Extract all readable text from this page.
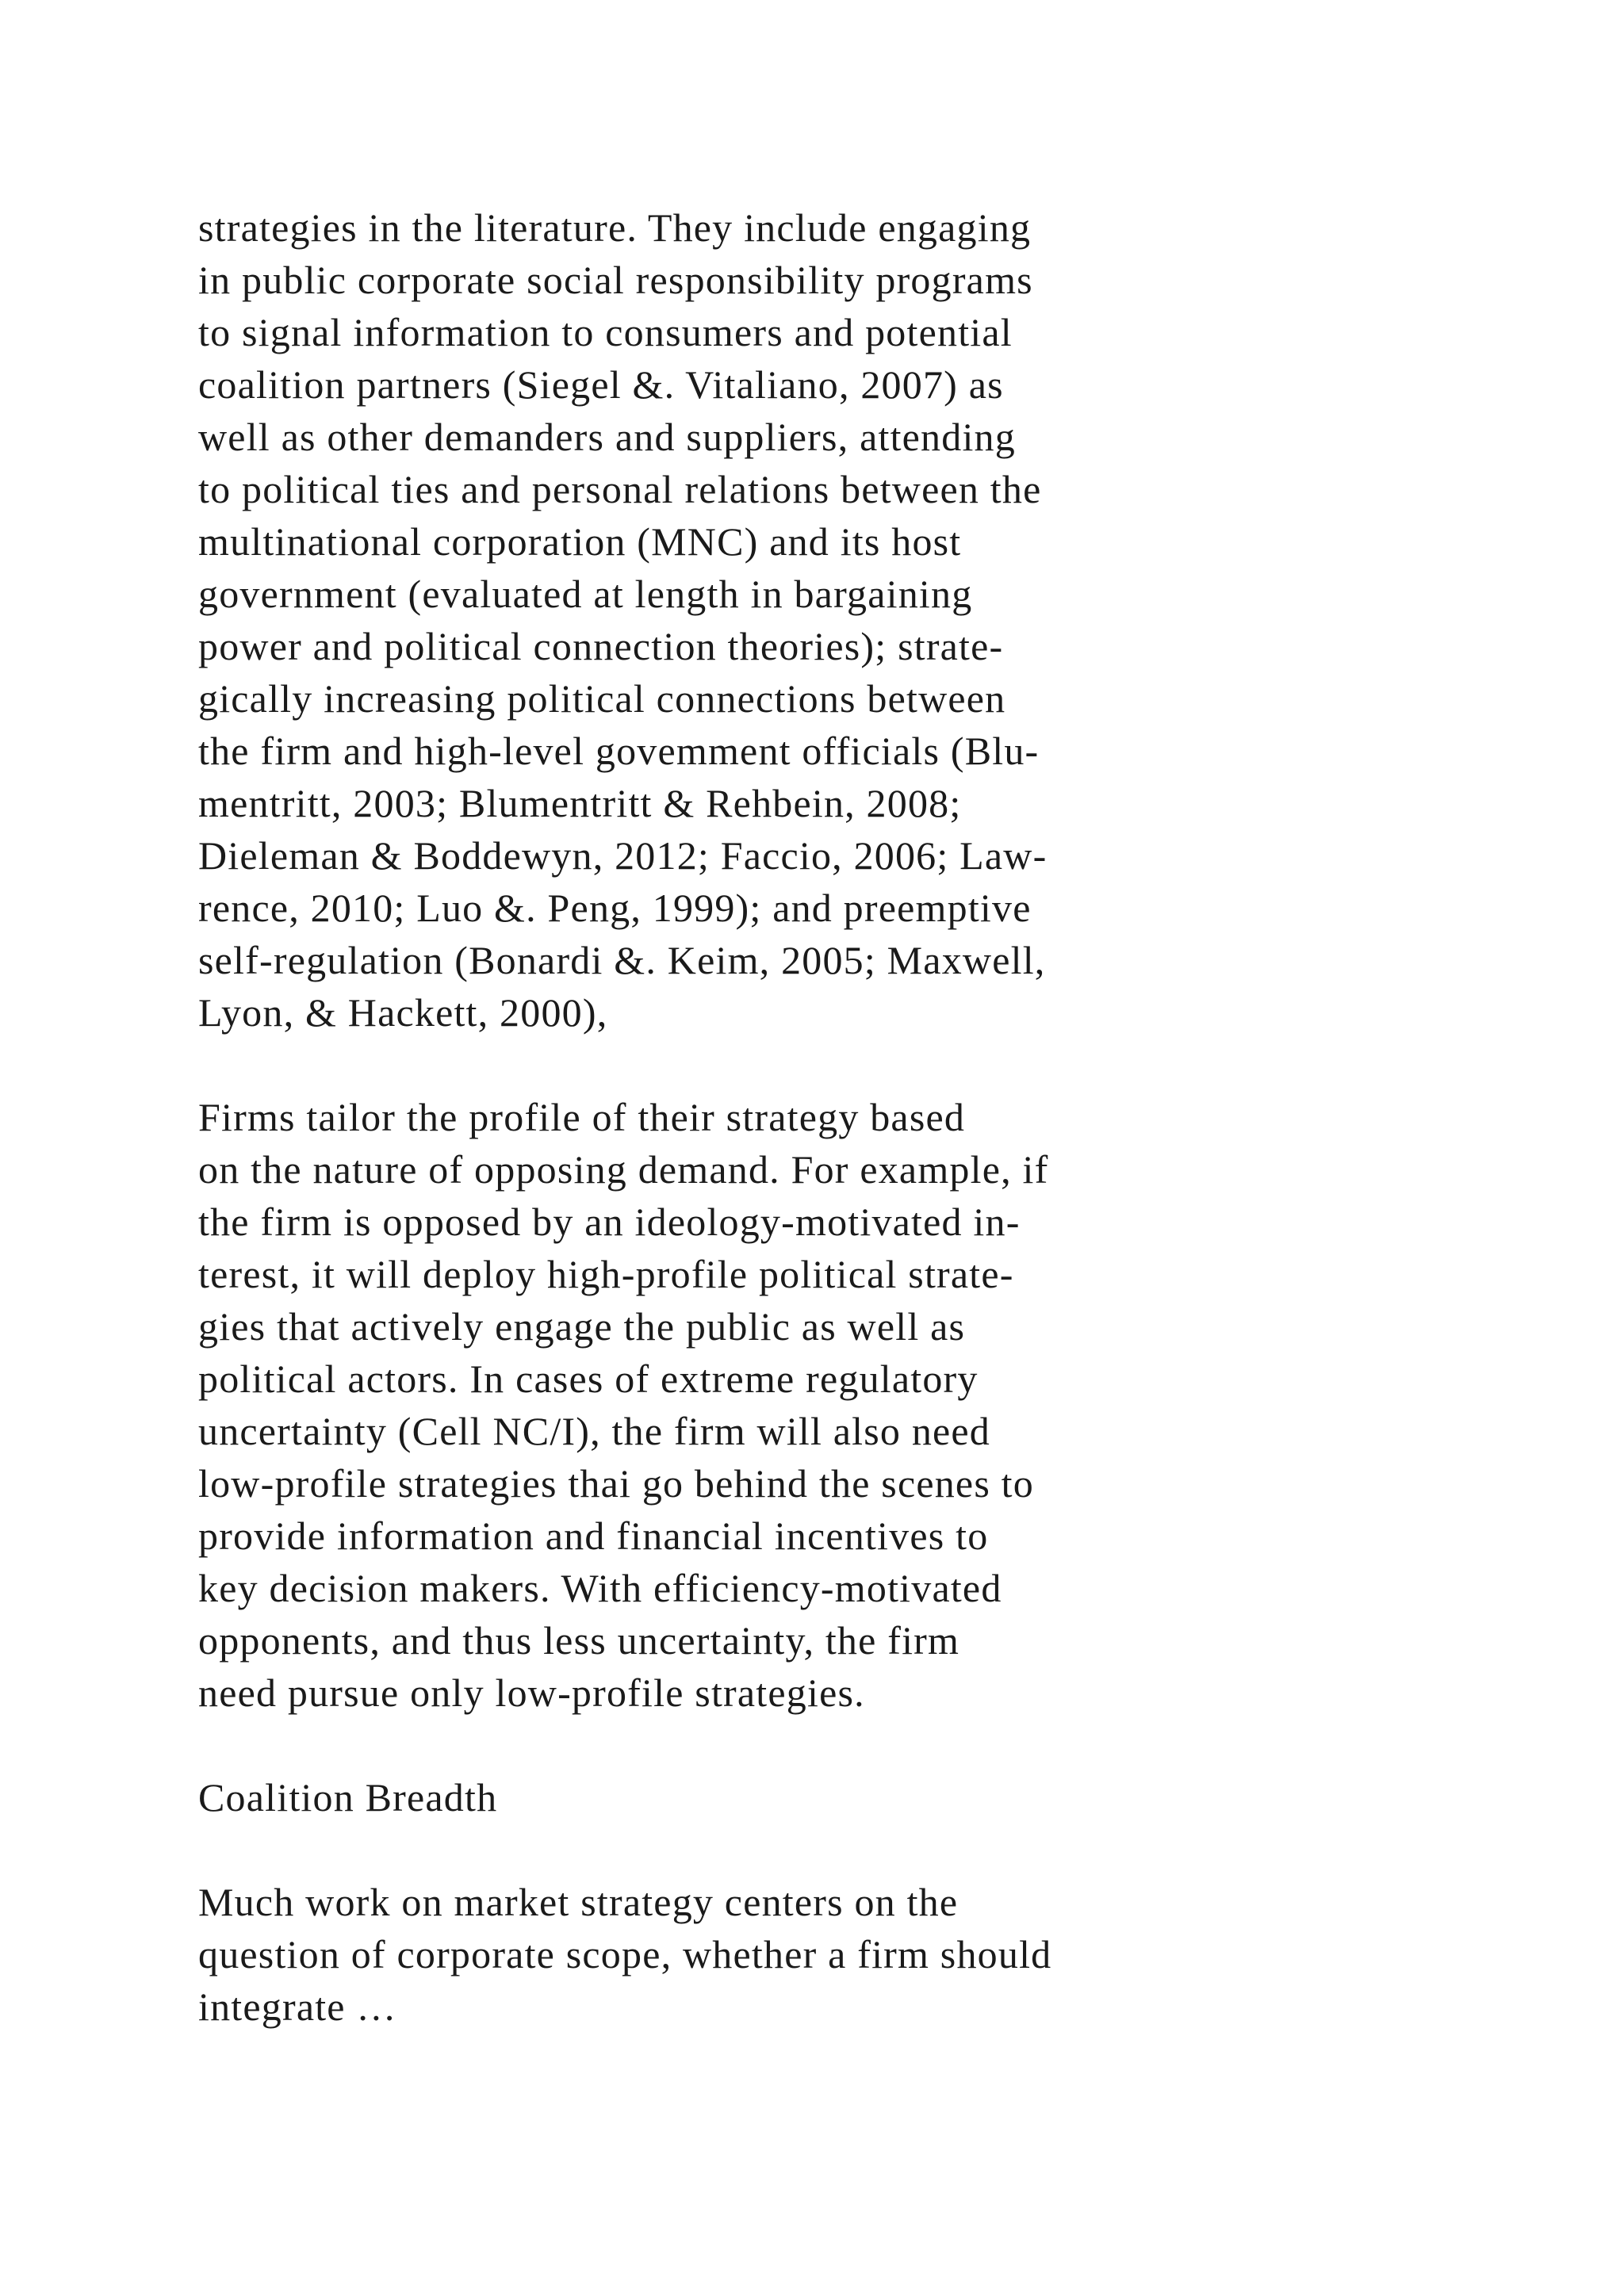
strategies in the literature. They include engaging
in public corporate social responsibility programs
to signal information to consumers and potential
coalition partners (Siegel &. Vitaliano, 2007) as
well as other demanders and suppliers, attending
to political ties and personal relations between the
multinational corporation (MNC) and its host
government (evaluated at length in bargaining
power and political connection theories); strate-
gically increasing political connections between
the firm and high-level govemment officials (Blu-
mentritt, 2003; Blumentritt & Rehbein, 2008;
Dieleman & Boddewyn, 2012; Faccio, 2006; Law-
rence, 2010; Luo &. Peng, 1999); and preemptive
self-regulation (Bonardi &. Keim, 2005; Maxwell,
Lyon, & Hackett, 2000),
Firms tailor the profile of their strategy based
on the nature of opposing demand. For example, if
the firm is opposed by an ideology-motivated in-
terest, it will deploy high-profile political strate-
gies that actively engage the public as well as
political actors. In cases of extreme regulatory
uncertainty (Cell NC/I), the firm will also need
low-profile strategies thai go behind the scenes to
provide information and financial incentives to
key decision makers. With efficiency-motivated
opponents, and thus less uncertainty, the firm
need pursue only low-profile strategies.
Coalition Breadth
Much work on market strategy centers on the
question of corporate scope, whether a firm should
integrate …
